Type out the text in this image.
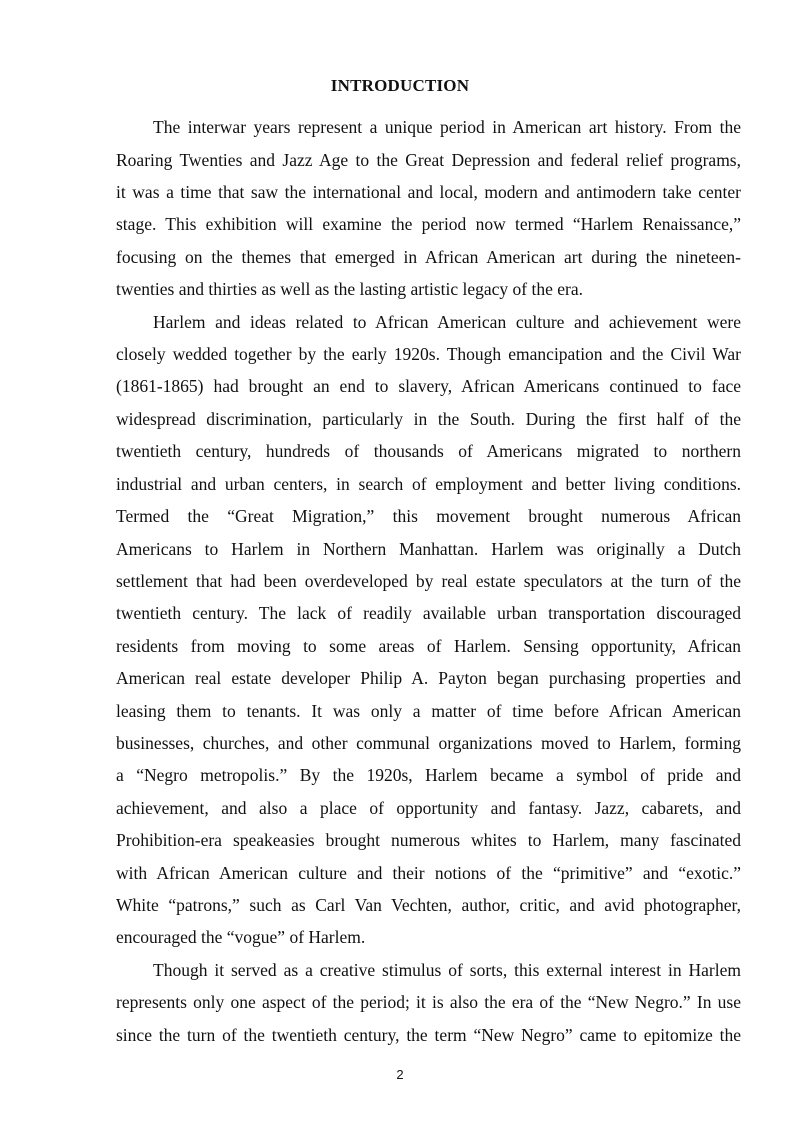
INTRODUCTION
The interwar years represent a unique period in American art history. From the
Roaring Twenties and Jazz Age to the Great Depression and federal relief programs,
it was a time that saw the international and local, modern and antimodern take center
stage. This exhibition will examine the period now termed “Harlem Renaissance,”
focusing on the themes that emerged in African American art during the nineteen-
twenties and thirties as well as the lasting artistic legacy of the era.
Harlem and ideas related to African American culture and achievement were
closely wedded together by the early 1920s. Though emancipation and the Civil War
(1861-1865) had brought an end to slavery, African Americans continued to face
widespread discrimination, particularly in the South. During the first half of the
twentieth century, hundreds of thousands of Americans migrated to northern
industrial and urban centers, in search of employment and better living conditions.
Termed the “Great Migration,” this movement brought numerous African
Americans to Harlem in Northern Manhattan. Harlem was originally a Dutch
settlement that had been overdeveloped by real estate speculators at the turn of the
twentieth century. The lack of readily available urban transportation discouraged
residents from moving to some areas of Harlem. Sensing opportunity, African
American real estate developer Philip A. Payton began purchasing properties and
leasing them to tenants. It was only a matter of time before African American
businesses, churches, and other communal organizations moved to Harlem, forming
a “Negro metropolis.” By the 1920s, Harlem became a symbol of pride and
achievement, and also a place of opportunity and fantasy. Jazz, cabarets, and
Prohibition-era speakeasies brought numerous whites to Harlem, many fascinated
with African American culture and their notions of the “primitive” and “exotic.”
White “patrons,” such as Carl Van Vechten, author, critic, and avid photographer,
encouraged the “vogue” of Harlem.
Though it served as a creative stimulus of sorts, this external interest in Harlem
represents only one aspect of the period; it is also the era of the “New Negro.” In use
since the turn of the twentieth century, the term “New Negro” came to epitomize the
2
